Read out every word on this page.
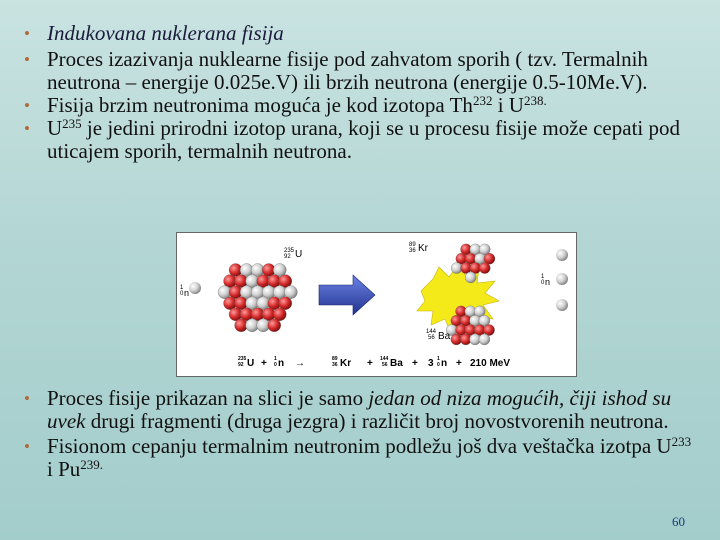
• Indukovana nuklerana fisija
• Proces izazivanja nuklearne fisije pod zahvatom sporih ( tzv. Termalnih neutrona – energije 0.025e.V) ili brzih neutrona (energije 0.5-10Me.V).
• Fisija brzim neutronima moguća je kod izotopa Th$^{232}$ i $U^{238.}$
• $U^{235}$ je jedini prirodni izotop urana, koji se u procesu fisije može cepati pod uticajem sporih, termalnih neutrona.
1
0 n
235
92 U
89
36 Kr
144
56 Ba
1
0 n
235
92 U + 1
0 n →	89
36 Kr + 144
56 Ba + 3 1
0 n + 210 MeV
• Proces fisije prikazan na slici je samo jedan od niza mogućih, čiji ishod su uvek drugi fragmenti (druga jezgra) i različit broj novostvorenih neutrona.
• Fisionom cepanju termalnim neutronim podležu još dva veštačka izotpa $U^{233}$ i $Pu^{239.}$
60
